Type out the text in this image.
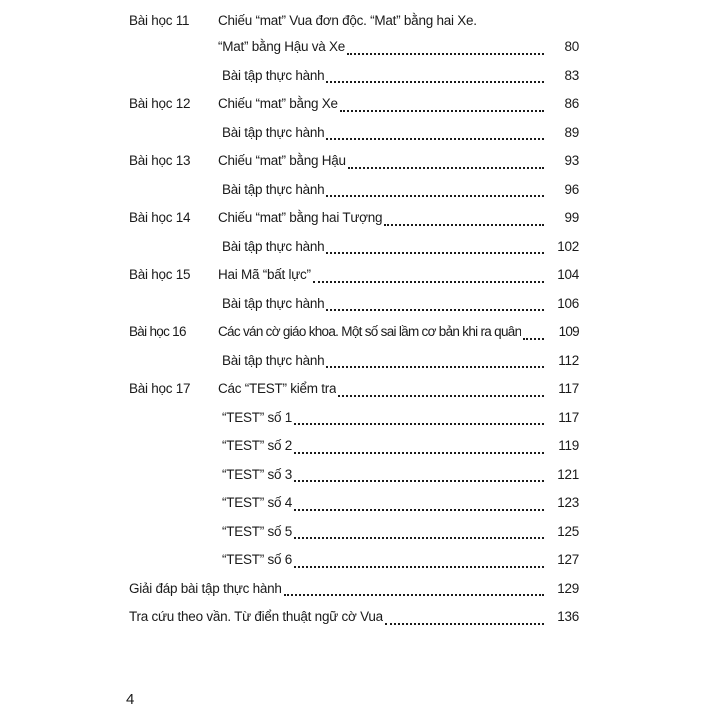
Bài học 11	Chiếu “mat” Vua đơn độc. “Mat” bằng hai Xe.
“Mat” bằng Hậu và Xe	80
Bài tập thực hành	83
Bài học 12	Chiếu “mat” bằng Xe	86
Bài tập thực hành	89
Bài học 13	Chiếu “mat” bằng Hậu	93
Bài tập thực hành	96
Bài học 14	Chiếu “mat” bằng hai Tượng	99
Bài tập thực hành	102
Bài học 15	Hai Mã “bất lực”	104
Bài tập thực hành	106
Bài học 16	Các ván cờ giáo khoa. Một số sai lầm cơ bản khi ra quân	109
Bài tập thực hành	112
Bài học 17	Các “TEST” kiểm tra	117
“TEST” số 1	117
“TEST” số 2	119
“TEST” số 3	121
“TEST” số 4	123
“TEST” số 5	125
“TEST” số 6	127
Giải đáp bài tập thực hành	129
Tra cứu theo vần. Từ điển thuật ngữ cờ Vua	136
4
